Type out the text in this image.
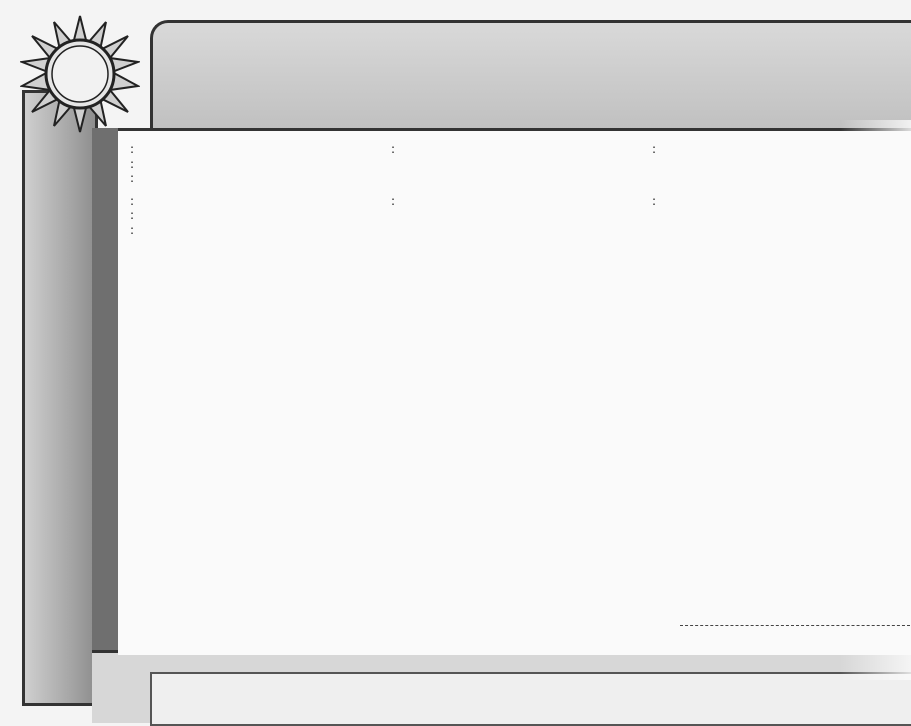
:	:	:
:
:
:	:	:
:
:
